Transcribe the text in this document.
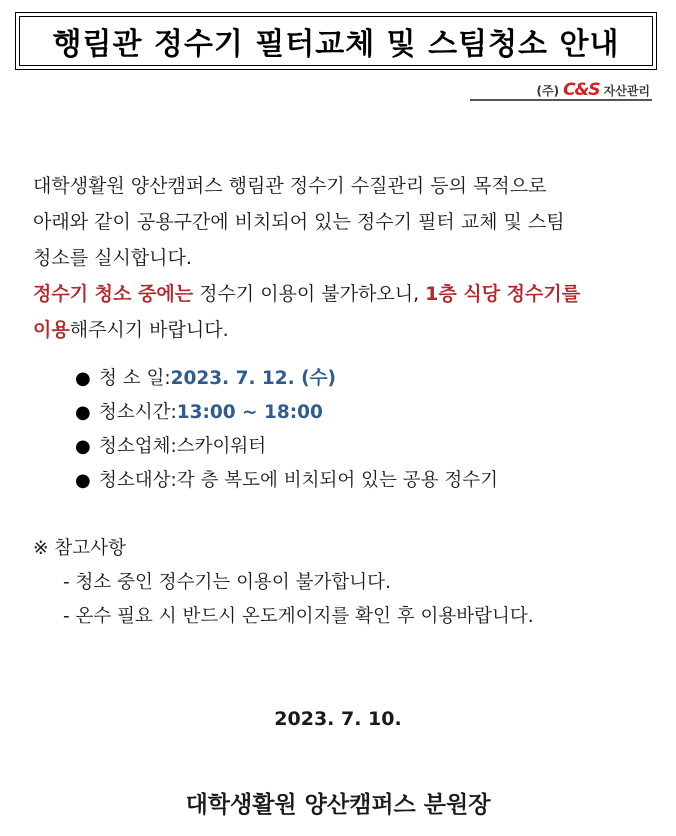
행림관 정수기 필터교체 및 스팀청소 안내
(주) C&S 자산관리

대학생활원 양산캠퍼스 행림관 정수기 수질관리 등의 목적으로

아래와 같이 공용구간에 비치되어 있는 정수기 필터 교체 및 스팀

청소를 실시합니다.

정수기 청소 중에는 정수기 이용이 불가하오니, 1층 식당 정수기를

이용해주시기 바랍니다.

● 청 소 일: 2023. 7. 12. (수)
● 청소시간: 13:00 ~ 18:00
● 청소업체: 스카이워터
● 청소대상: 각 층 복도에 비치되어 있는 공용 정수기
※ 참고사항
- 청소 중인 정수기는 이용이 불가합니다.
- 온수 필요 시 반드시 온도게이지를 확인 후 이용바랍니다.
2023. 7. 10.
대학생활원 양산캠퍼스 분원장
